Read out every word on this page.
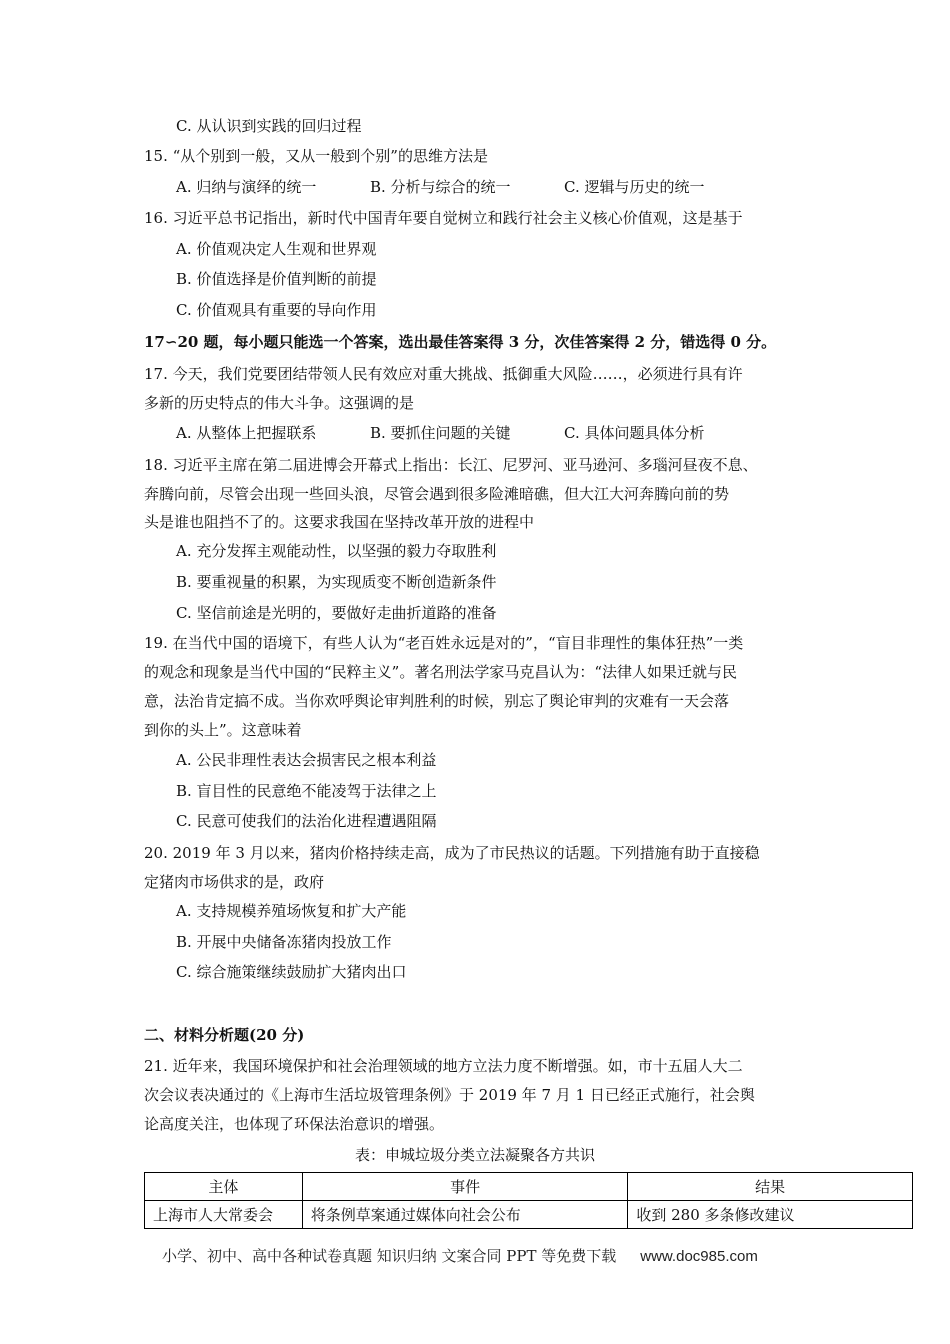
C. 从认识到实践的回归过程
15. “从个别到一般，又从一般到个别”的思维方法是
A. 归纳与演绎的统一	B. 分析与综合的统一	C. 逻辑与历史的统一
16. 习近平总书记指出，新时代中国青年要自觉树立和践行社会主义核心价值观，这是基于
A. 价值观决定人生观和世界观
B. 价值选择是价值判断的前提
C. 价值观具有重要的导向作用
17∽20 题，每小题只能选一个答案，选出最佳答案得 3 分，次佳答案得 2 分，错选得 0 分。
17. 今天，我们党要团结带领人民有效应对重大挑战、抵御重大风险……，必须进行具有许
多新的历史特点的伟大斗争。这强调的是
A. 从整体上把握联系	B. 要抓住问题的关键	C. 具体问题具体分析
18. 习近平主席在第二届进博会开幕式上指出：长江、尼罗河、亚马逊河、多瑙河昼夜不息、
奔腾向前，尽管会出现一些回头浪，尽管会遇到很多险滩暗礁，但大江大河奔腾向前的势
头是谁也阻挡不了的。这要求我国在坚持改革开放的进程中
A. 充分发挥主观能动性，以坚强的毅力夺取胜利
B. 要重视量的积累，为实现质变不断创造新条件
C. 坚信前途是光明的，要做好走曲折道路的准备
19. 在当代中国的语境下，有些人认为“老百姓永远是对的”，“盲目非理性的集体狂热”一类
的观念和现象是当代中国的“民粹主义”。著名刑法学家马克昌认为：“法律人如果迁就与民
意，法治肯定搞不成。当你欢呼舆论审判胜利的时候，别忘了舆论审判的灾难有一天会落
到你的头上”。这意味着
A. 公民非理性表达会损害民之根本利益
B. 盲目性的民意绝不能凌驾于法律之上
C. 民意可使我们的法治化进程遭遇阻隔
20. 2019 年 3 月以来，猪肉价格持续走高，成为了市民热议的话题。下列措施有助于直接稳
定猪肉市场供求的是，政府
A. 支持规模养殖场恢复和扩大产能
B. 开展中央储备冻猪肉投放工作
C. 综合施策继续鼓励扩大猪肉出口
二、材料分析题(20 分)
21. 近年来，我国环境保护和社会治理领域的地方立法力度不断增强。如，市十五届人大二
次会议表决通过的《上海市生活垃圾管理条例》于 2019 年 7 月 1 日已经正式施行，社会舆
论高度关注，也体现了环保法治意识的增强。
表：申城垃圾分类立法凝聚各方共识
主体	事件	结果
上海市人大常委会	将条例草案通过媒体向社会公布	收到 280 多条修改建议
小学、初中、高中各种试卷真题 知识归纳 文案合同 PPT 等免费下载 www.doc985.com
